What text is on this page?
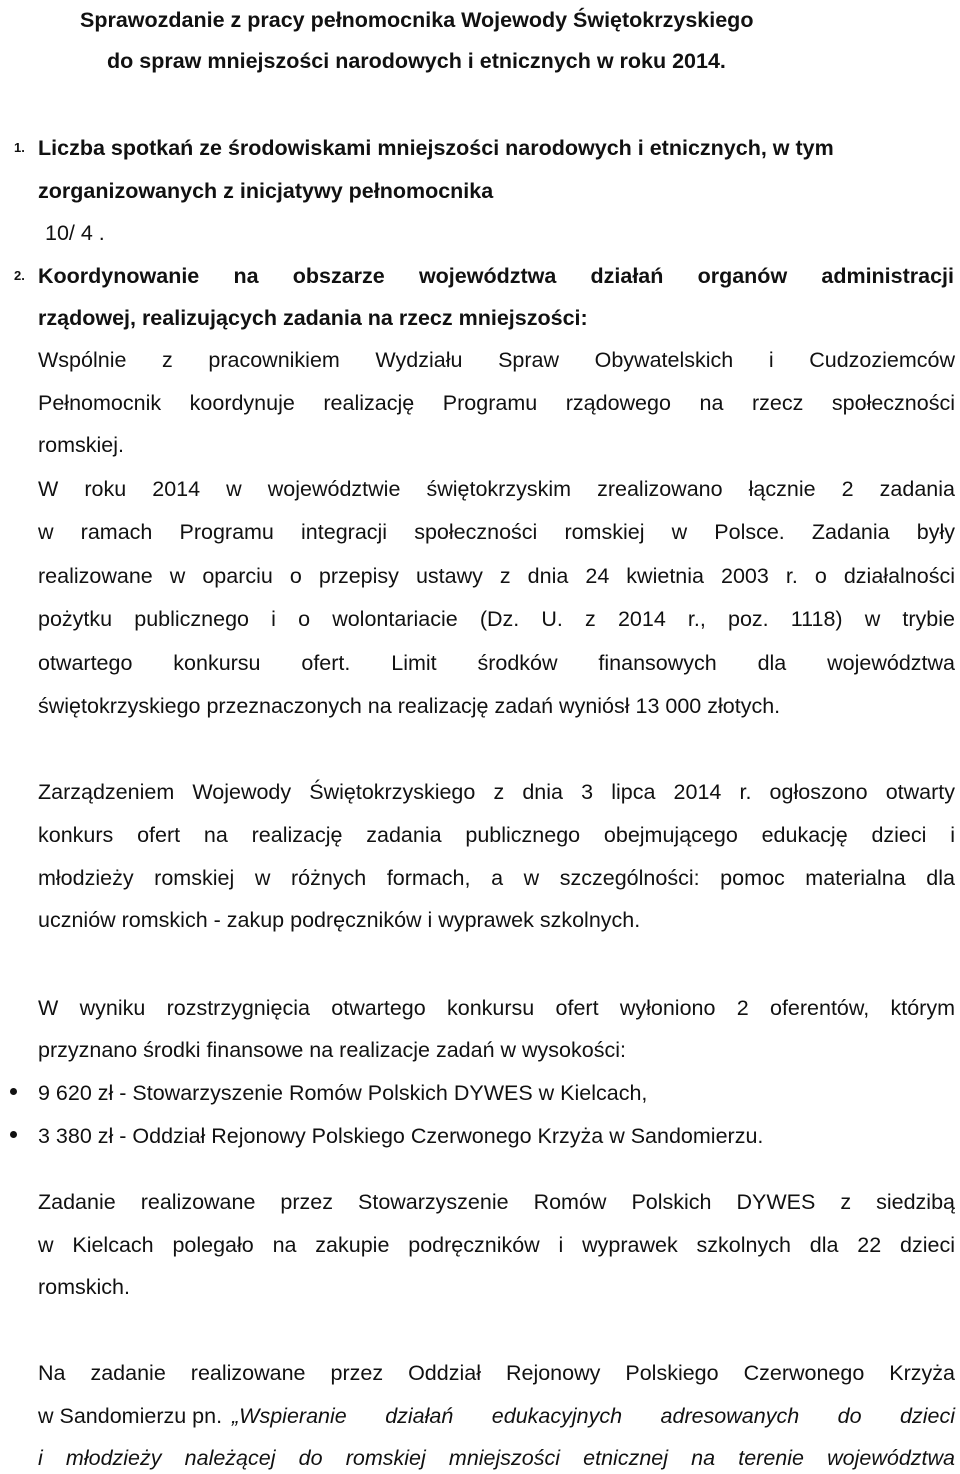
Sprawozdanie z pracy pełnomocnika Wojewody Świętokrzyskiego
do spraw mniejszości narodowych i etnicznych w roku 2014.
1. Liczba spotkań ze środowiskami mniejszości narodowych i etnicznych, w tym
zorganizowanych z inicjatywy pełnomocnika
10/ 4 .
2. Koordynowanie na obszarze województwa działań organów administracji
rządowej, realizujących zadania na rzecz mniejszości:
Wspólnie z pracownikiem Wydziału Spraw Obywatelskich i Cudzoziemców
Pełnomocnik koordynuje realizację Programu rządowego na rzecz społeczności
romskiej.
W roku 2014 w województwie świętokrzyskim zrealizowano łącznie 2 zadania
w ramach Programu integracji społeczności romskiej w Polsce. Zadania były
realizowane w oparciu o przepisy ustawy z dnia 24 kwietnia 2003 r. o działalności
pożytku publicznego i o wolontariacie (Dz. U. z 2014 r., poz. 1118) w trybie
otwartego konkursu ofert. Limit środków finansowych dla województwa
świętokrzyskiego przeznaczonych na realizację zadań wyniósł 13 000 złotych.
Zarządzeniem Wojewody Świętokrzyskiego z dnia 3 lipca 2014 r. ogłoszono otwarty
konkurs ofert na realizację zadania publicznego obejmującego edukację dzieci i
młodzieży romskiej w różnych formach, a w szczególności: pomoc materialna dla
uczniów romskich - zakup podręczników i wyprawek szkolnych.
W wyniku rozstrzygnięcia otwartego konkursu ofert wyłoniono 2 oferentów, którym
przyznano środki finansowe na realizacje zadań w wysokości:
9 620 zł - Stowarzyszenie Romów Polskich DYWES w Kielcach,
3 380 zł - Oddział Rejonowy Polskiego Czerwonego Krzyża w Sandomierzu.
Zadanie realizowane przez Stowarzyszenie Romów Polskich DYWES z siedzibą
w Kielcach polegało na zakupie podręczników i wyprawek szkolnych dla 22 dzieci
romskich.
Na zadanie realizowane przez Oddział Rejonowy Polskiego Czerwonego Krzyża
w Sandomierzu pn. „Wspieranie działań edukacyjnych adresowanych do dzieci
i młodzieży należącej do romskiej mniejszości etnicznej na terenie województwa
